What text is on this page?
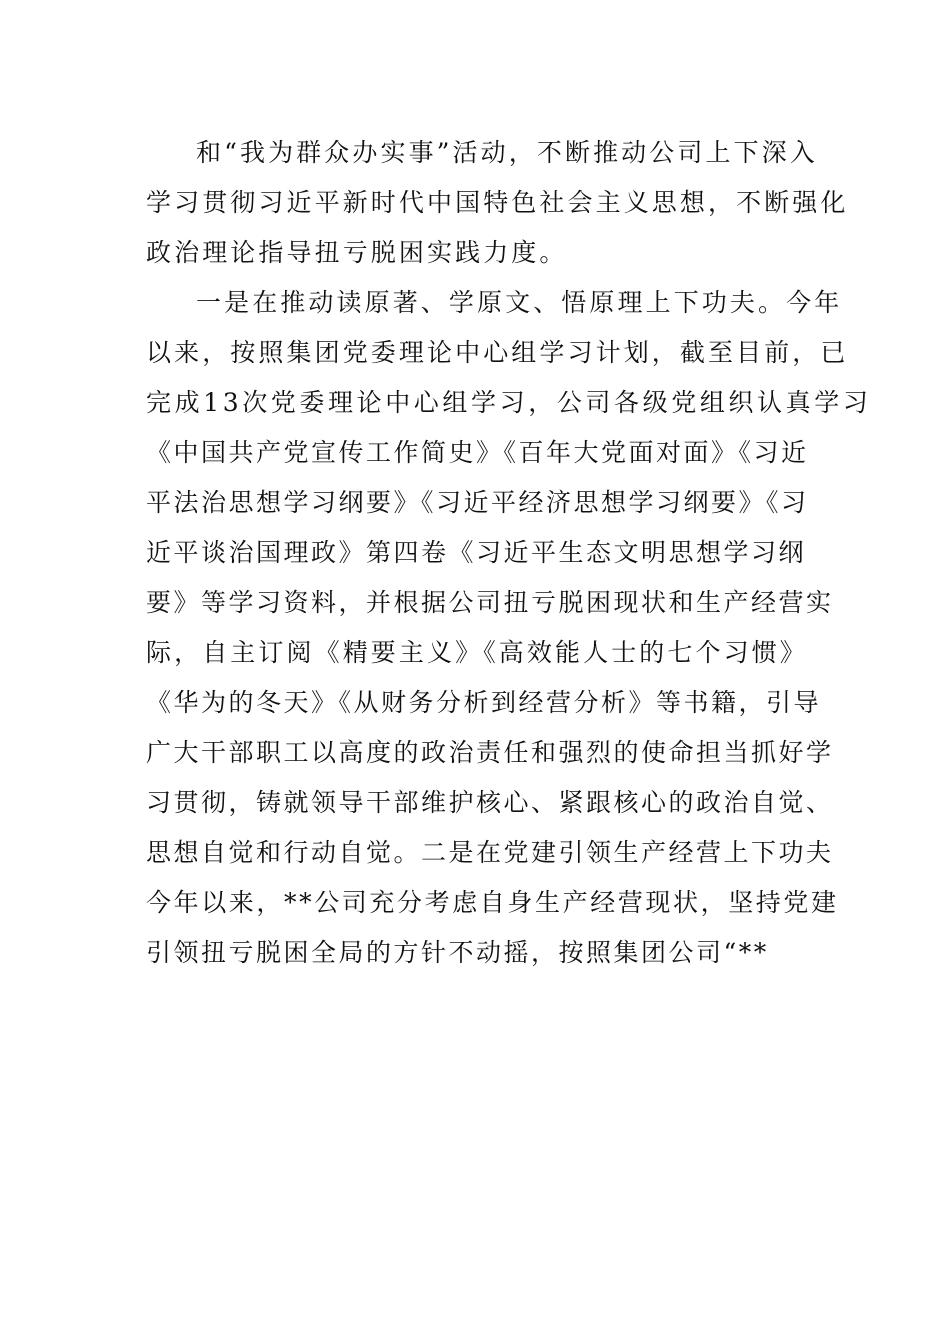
和“我为群众办实事”活动，不断推动公司上下深入
学习贯彻习近平新时代中国特色社会主义思想，不断强化
政治理论指导扭亏脱困实践力度。
一是在推动读原著、学原文、悟原理上下功夫。今年
以来，按照集团党委理论中心组学习计划，截至目前，已
完成13次党委理论中心组学习，公司各级党组织认真学习
《中国共产党宣传工作简史》《百年大党面对面》《习近
平法治思想学习纲要》《习近平经济思想学习纲要》《习
近平谈治国理政》第四卷《习近平生态文明思想学习纲
要》等学习资料，并根据公司扭亏脱困现状和生产经营实
际，自主订阅《精要主义》《高效能人士的七个习惯》
《华为的冬天》《从财务分析到经营分析》等书籍，引导
广大干部职工以高度的政治责任和强烈的使命担当抓好学
习贯彻，铸就领导干部维护核心、紧跟核心的政治自觉、
思想自觉和行动自觉。二是在党建引领生产经营上下功夫
今年以来，**公司充分考虑自身生产经营现状，坚持党建
引领扭亏脱困全局的方针不动摇，按照集团公司“**
